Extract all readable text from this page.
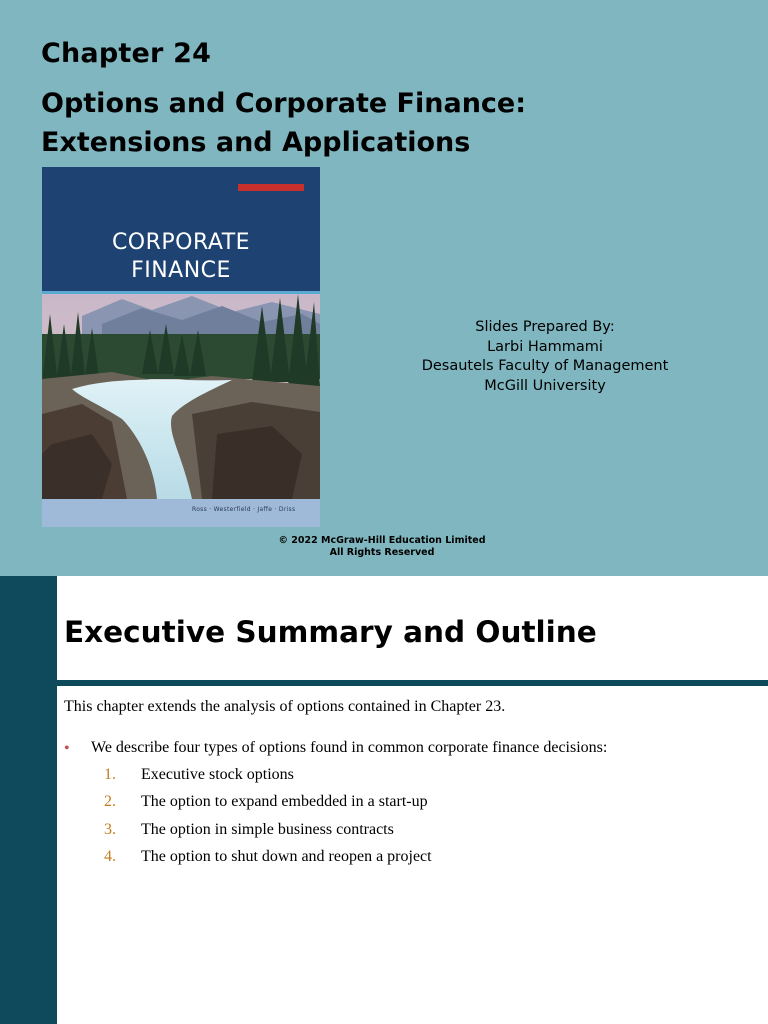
Chapter 24
Options and Corporate Finance:
Extensions and Applications
CORPORATE
FINANCE
Ross · Westerfield · Jaffe · Driss
Slides Prepared By:
Larbi Hammami
Desautels Faculty of Management
McGill University
© 2022 McGraw-Hill Education Limited
All Rights Reserved
Executive Summary and Outline
This chapter extends the analysis of options contained in Chapter 23.
• We describe four types of options found in common corporate finance decisions:
1. Executive stock options
2. The option to expand embedded in a start-up
3. The option in simple business contracts
4. The option to shut down and reopen a project
